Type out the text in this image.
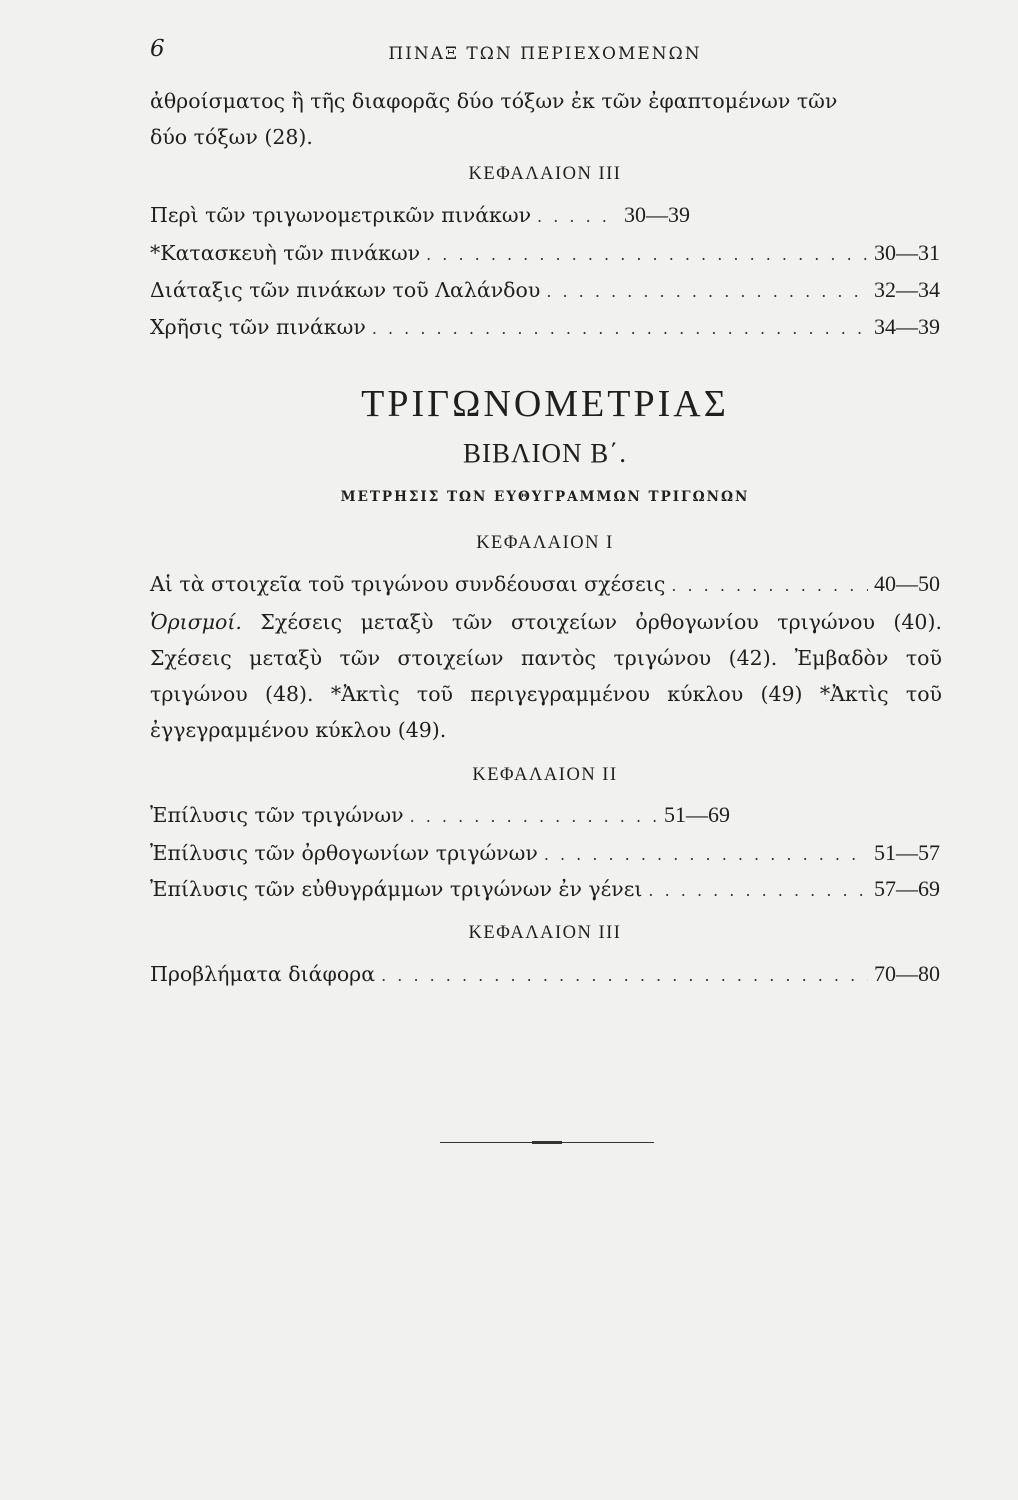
6	ΠΙΝΑΞ ΤΩΝ ΠΕΡΙΕΧΟΜΕΝΩΝ
ἀθροίσματος ἢ τῆς διαφορᾶς δύο τόξων ἐκ τῶν ἐφαπτομένων τῶν
δύο τόξων (28).
ΚΕΦΑΛΑΙΟΝ ΙΙΙ
Περὶ τῶν τριγωνομετρικῶν πινάκων . . .	30—39
*Κατασκευὴ τῶν πινάκων . . .	30—31
Διάταξις τῶν πινάκων τοῦ Λαλάνδου . . .	32—34
Χρῆσις τῶν πινάκων . . .	34—39
ΤΡΙΓΩΝΟΜΕΤΡΙΑΣ
ΒΙΒΛΙΟΝ Β΄.
ΜΕΤΡΗΣΙΣ ΤΩΝ ΕΥΘΥΓΡΑΜΜΩΝ ΤΡΙΓΩΝΩΝ
ΚΕΦΑΛΑΙΟΝ Ι
Αἱ τὰ στοιχεῖα τοῦ τριγώνου συνδέουσαι σχέσεις . . .	40—50
Ὁρισμοί. Σχέσεις μεταξὺ τῶν στοιχείων ὀρθογωνίου τριγώνου (40). Σχέσεις μεταξὺ τῶν στοιχείων παντὸς τριγώνου (42). Ἐμβαδὸν τοῦ τριγώνου (48). *Ἀκτὶς τοῦ περιγεγραμμένου κύκλου (49) *Ἀκτὶς τοῦ ἐγγεγραμμένου κύκλου (49).
ΚΕΦΑΛΑΙΟΝ ΙΙ
Ἐπίλυσις τῶν τριγώνων . . .	51—69
Ἐπίλυσις τῶν ὀρθογωνίων τριγώνων . . .	51—57
Ἐπίλυσις τῶν εὐθυγράμμων τριγώνων ἐν γένει . . .	57—69
ΚΕΦΑΛΑΙΟΝ ΙΙΙ
Προβλήματα διάφορα . . .	70—80
